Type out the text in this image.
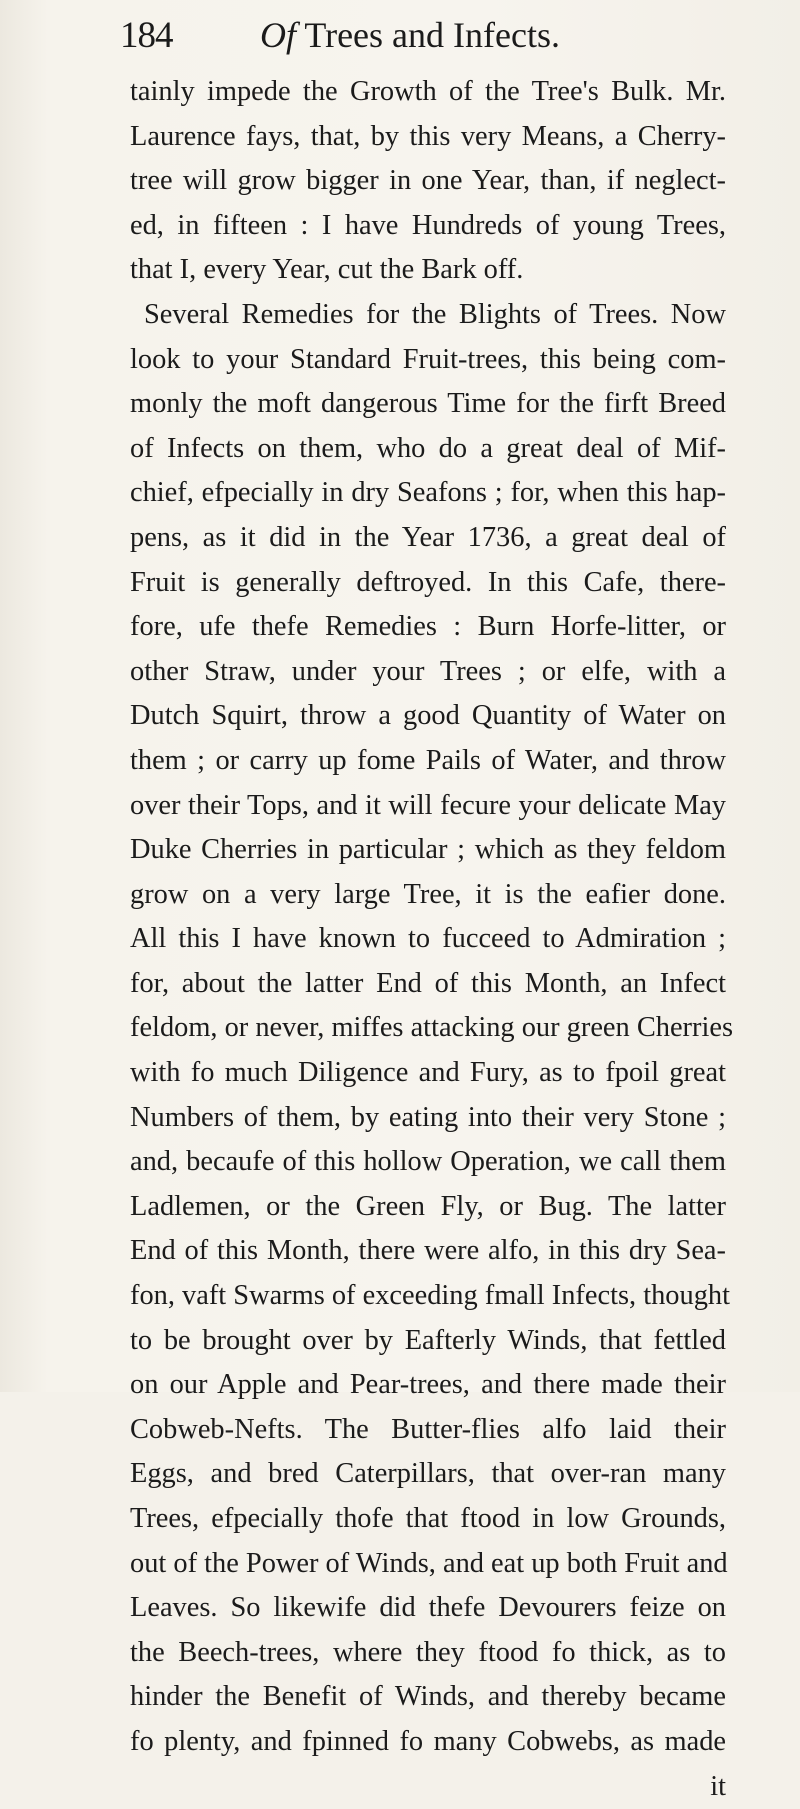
184 Of Trees and Infects.
tainly impede the Growth of the Tree's Bulk. Mr.
Laurence fays, that, by this very Means, a Cherry-
tree will grow bigger in one Year, than, if neglect-
ed, in fifteen : I have Hundreds of young Trees,
that I, every Year, cut the Bark off.
Several Remedies for the Blights of Trees. Now
look to your Standard Fruit-trees, this being com-
monly the moft dangerous Time for the firft Breed
of Infects on them, who do a great deal of Mif-
chief, efpecially in dry Seafons ; for, when this hap-
pens, as it did in the Year 1736, a great deal of
Fruit is generally deftroyed. In this Cafe, there-
fore, ufe thefe Remedies : Burn Horfe-litter, or
other Straw, under your Trees ; or elfe, with a
Dutch Squirt, throw a good Quantity of Water on
them ; or carry up fome Pails of Water, and throw
over their Tops, and it will fecure your delicate May
Duke Cherries in particular ; which as they feldom
grow on a very large Tree, it is the eafier done.
All this I have known to fucceed to Admiration ;
for, about the latter End of this Month, an Infect
feldom, or never, miffes attacking our green Cherries
with fo much Diligence and Fury, as to fpoil great
Numbers of them, by eating into their very Stone ;
and, becaufe of this hollow Operation, we call them
Ladlemen, or the Green Fly, or Bug. The latter
End of this Month, there were alfo, in this dry Sea-
fon, vaft Swarms of exceeding fmall Infects, thought
to be brought over by Eafterly Winds, that fettled
on our Apple and Pear-trees, and there made their
Cobweb-Nefts. The Butter-flies alfo laid their
Eggs, and bred Caterpillars, that over-ran many
Trees, efpecially thofe that ftood in low Grounds,
out of the Power of Winds, and eat up both Fruit and
Leaves. So likewife did thefe Devourers feize on
the Beech-trees, where they ftood fo thick, as to
hinder the Benefit of Winds, and thereby became
fo plenty, and fpinned fo many Cobwebs, as made
it
